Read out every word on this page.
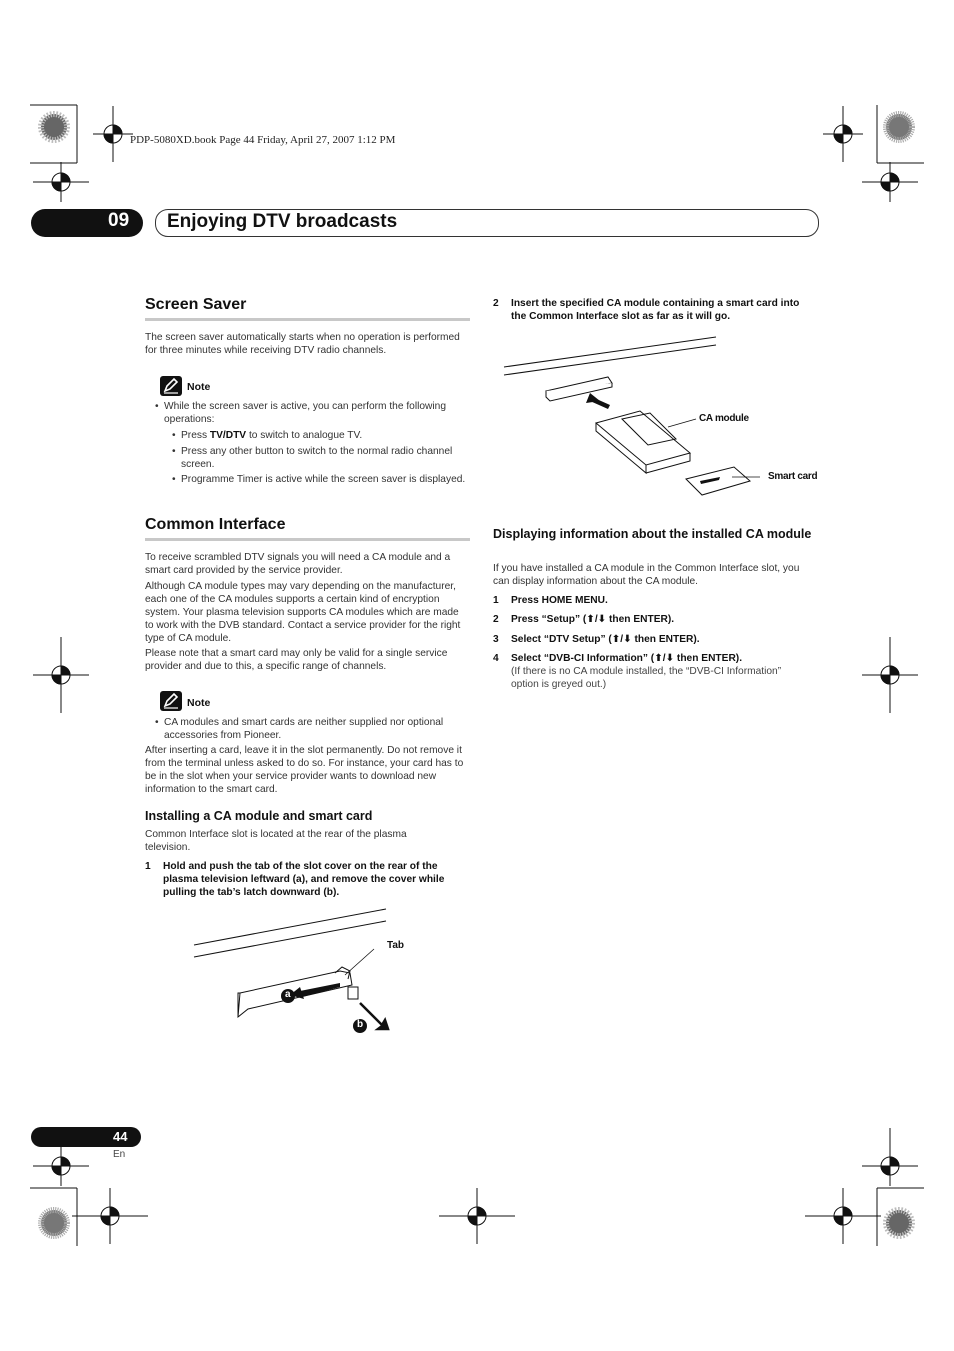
PDP-5080XD.book Page 44 Friday, April 27, 2007 1:12 PM
09 Enjoying DTV broadcasts
Screen Saver
The screen saver automatically starts when no operation is performed for three minutes while receiving DTV radio channels.
Note
• While the screen saver is active, you can perform the following operations:
• Press TV/DTV to switch to analogue TV.
• Press any other button to switch to the normal radio channel screen.
• Programme Timer is active while the screen saver is displayed.
Common Interface
To receive scrambled DTV signals you will need a CA module and a smart card provided by the service provider.
Although CA module types may vary depending on the manufacturer, each one of the CA modules supports a certain kind of encryption system. Your plasma television supports CA modules which are made to work with the DVB standard. Contact a service provider for the right type of CA module.
Please note that a smart card may only be valid for a single service provider and due to this, a specific range of channels.
Note
• CA modules and smart cards are neither supplied nor optional accessories from Pioneer.
After inserting a card, leave it in the slot permanently. Do not remove it from the terminal unless asked to do so. For instance, your card has to be in the slot when your service provider wants to download new information to the smart card.
Installing a CA module and smart card
Common Interface slot is located at the rear of the plasma television.
1 Hold and push the tab of the slot cover on the rear of the plasma television leftward (a), and remove the cover while pulling the tab’s latch downward (b).
Tab
a
b
2 Insert the specified CA module containing a smart card into the Common Interface slot as far as it will go.
CA module
Smart card
Displaying information about the installed CA module
If you have installed a CA module in the Common Interface slot, you can display information about the CA module.
1 Press HOME MENU.
2 Press “Setup” (⬆/⬇ then ENTER).
3 Select “DTV Setup” (⬆/⬇ then ENTER).
4 Select “DVB-CI Information” (⬆/⬇ then ENTER).
(If there is no CA module installed, the “DVB-CI Information” option is greyed out.)
44
En
